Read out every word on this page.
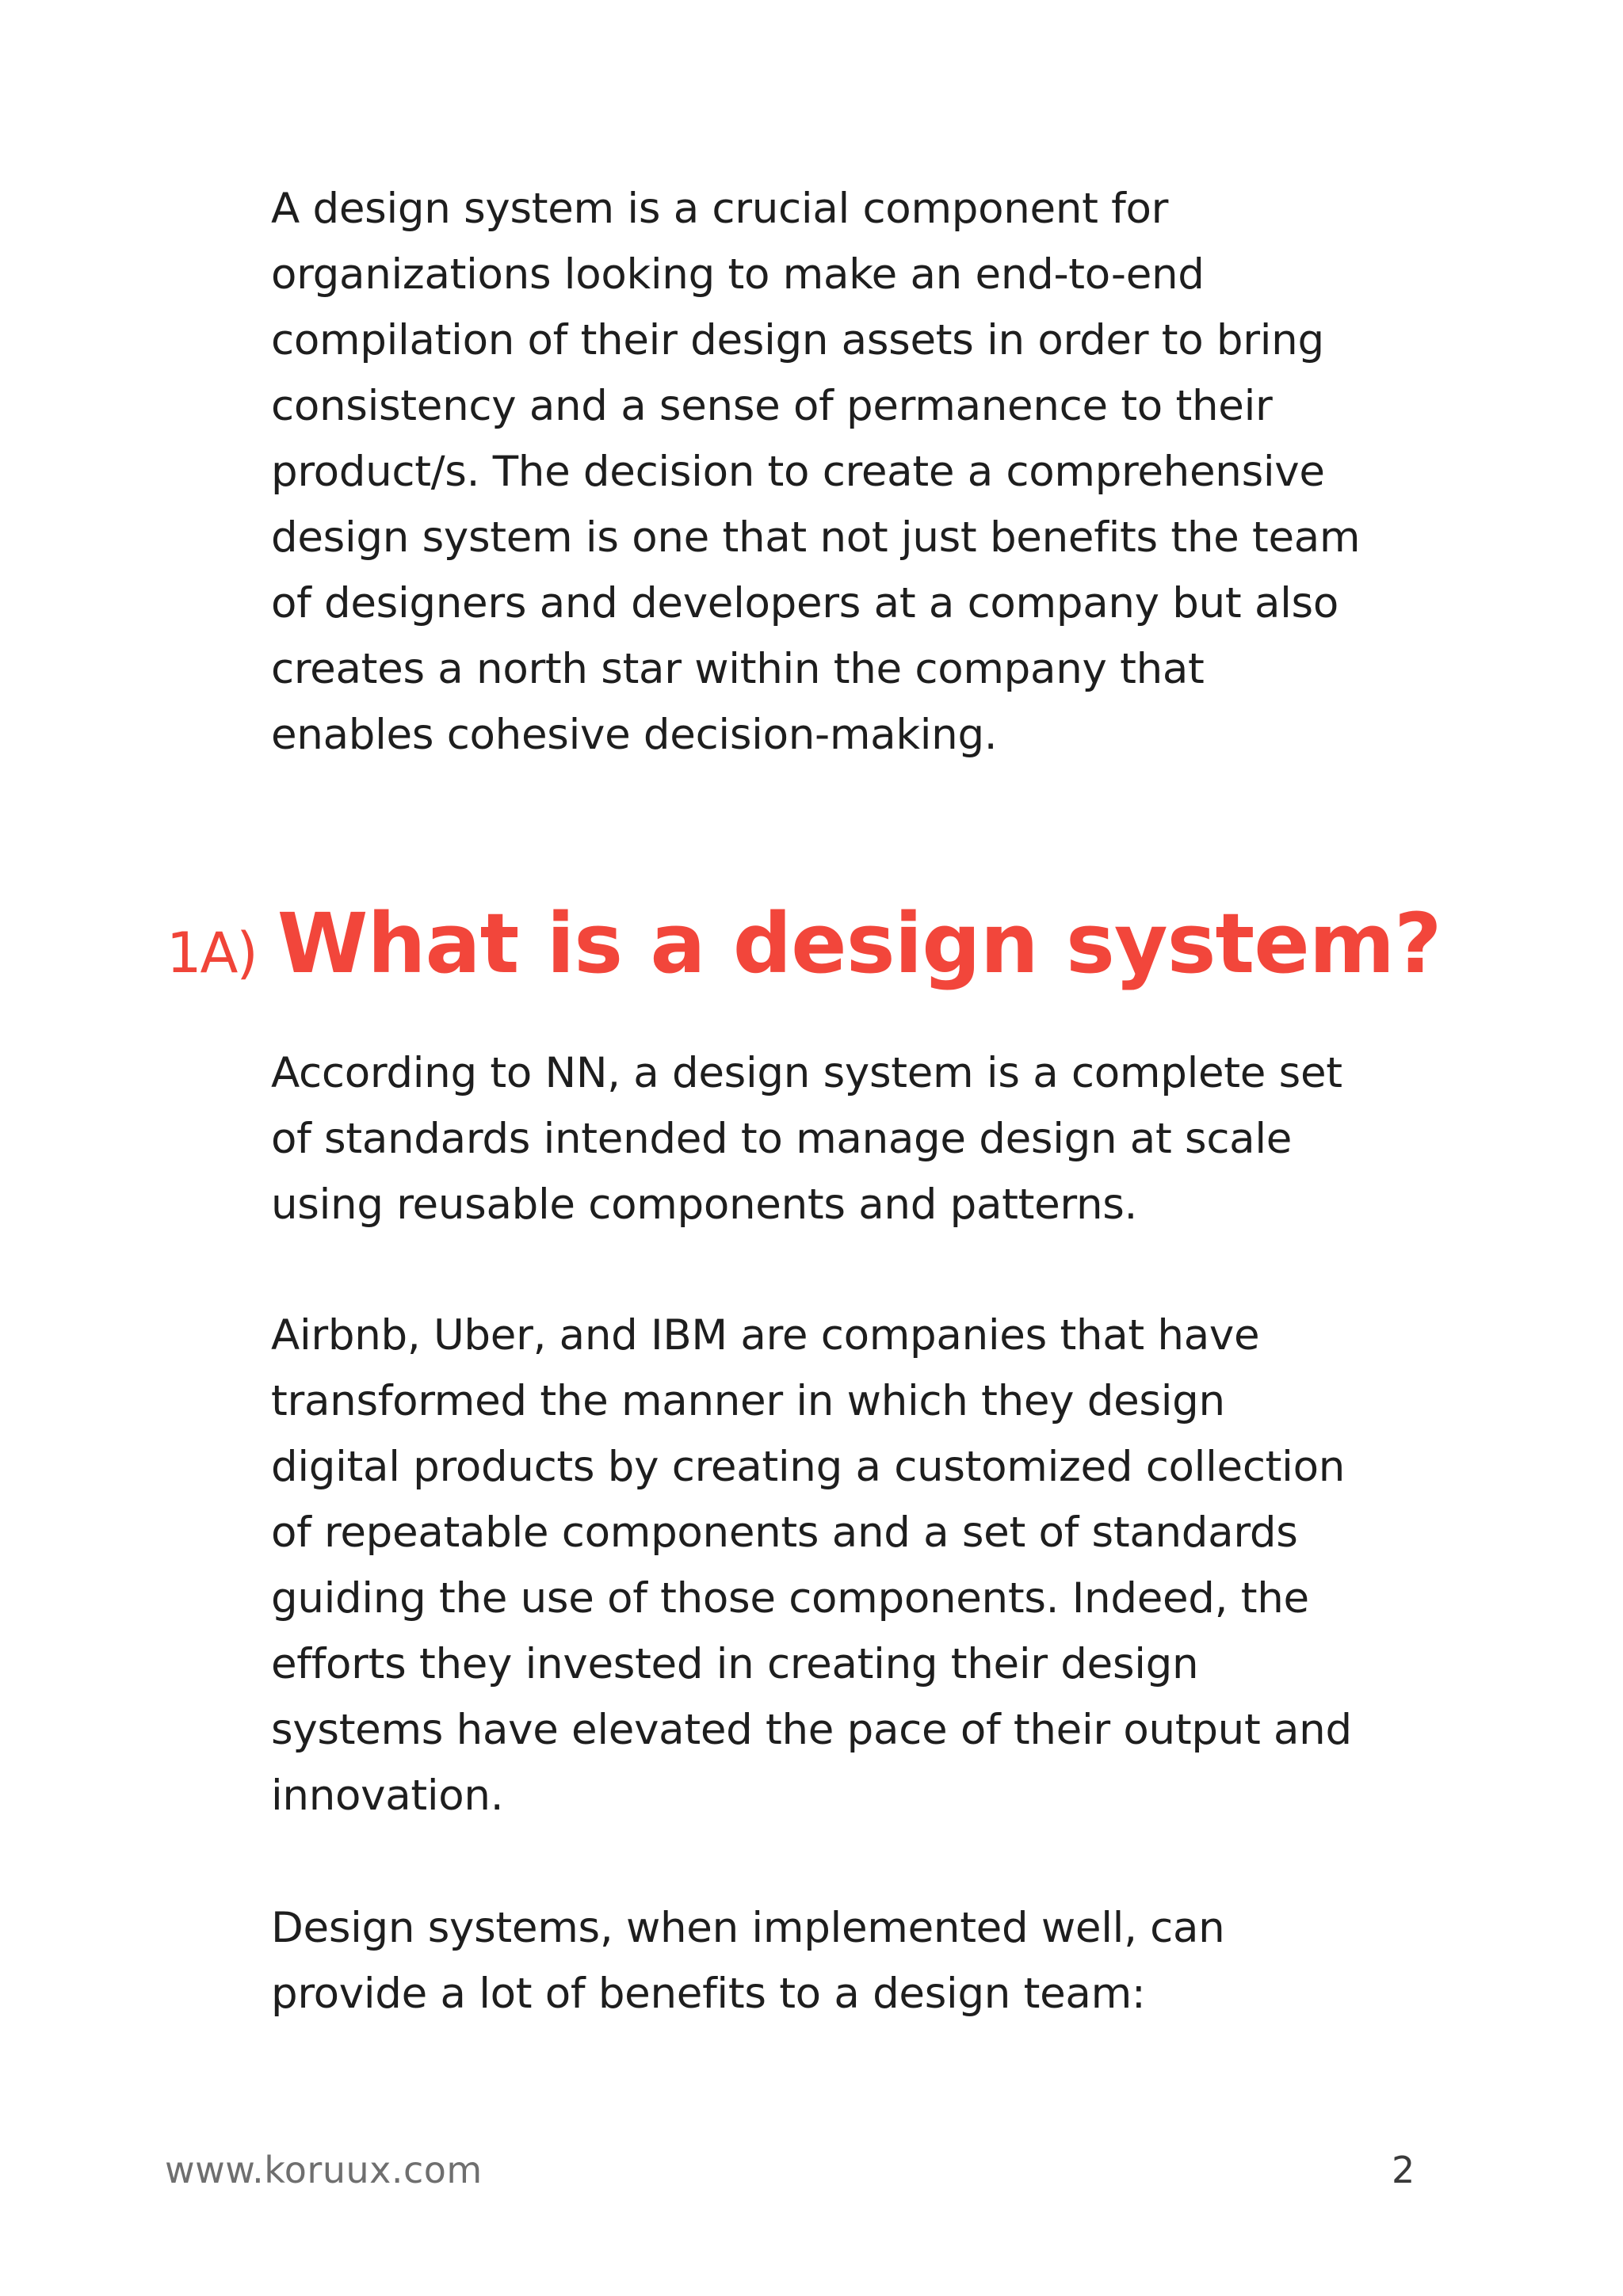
A design system is a crucial component for
organizations looking to make an end-to-end
compilation of their design assets in order to bring
consistency and a sense of permanence to their
product/s. The decision to create a comprehensive
design system is one that not just benefits the team
of designers and developers at a company but also
creates a north star within the company that
enables cohesive decision-making.
1A) What is a design system?
According to NN, a design system is a complete set
of standards intended to manage design at scale
using reusable components and patterns.
Airbnb, Uber, and IBM are companies that have
transformed the manner in which they design
digital products by creating a customized collection
of repeatable components and a set of standards
guiding the use of those components. Indeed, the
efforts they invested in creating their design
systems have elevated the pace of their output and
innovation.
Design systems, when implemented well, can
provide a lot of benefits to a design team:
www.koruux.com	2
